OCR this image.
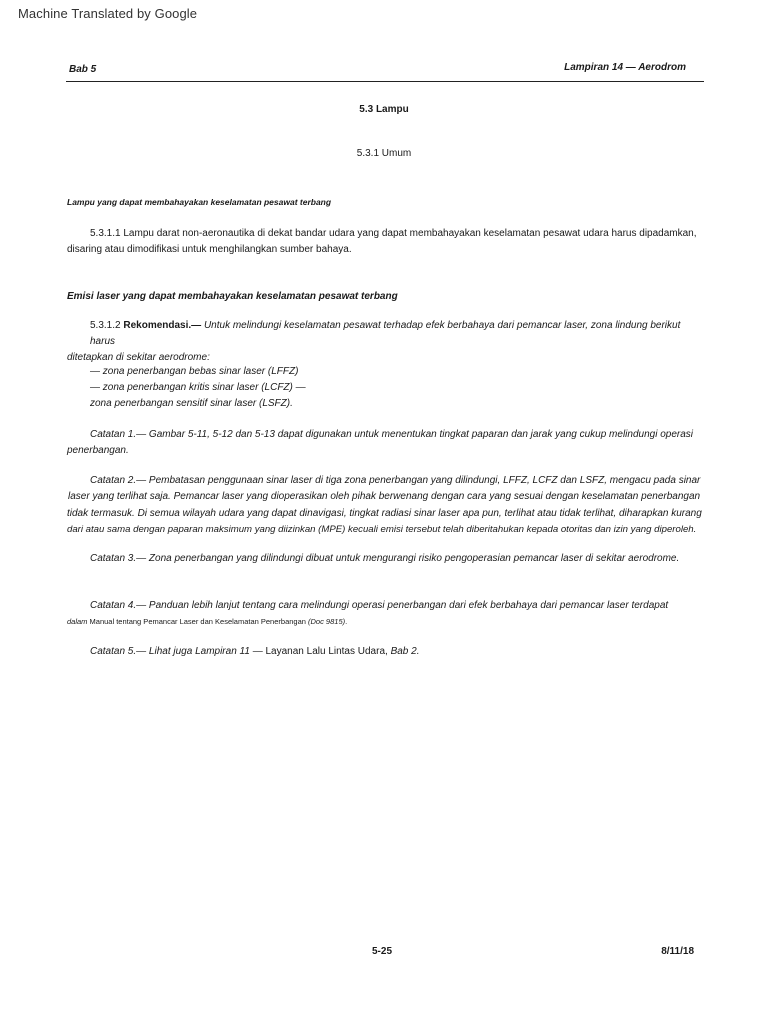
Machine Translated by Google
Bab 5	Lampiran 14 — Aerodrom
5.3 Lampu
5.3.1 Umum
Lampu yang dapat membahayakan keselamatan pesawat terbang
5.3.1.1 Lampu darat non-aeronautika di dekat bandar udara yang dapat membahayakan keselamatan pesawat udara harus dipadamkan,
disaring atau dimodifikasi untuk menghilangkan sumber bahaya.
Emisi laser yang dapat membahayakan keselamatan pesawat terbang
5.3.1.2 Rekomendasi.— Untuk melindungi keselamatan pesawat terhadap efek berbahaya dari pemancar laser, zona lindung berikut harus
ditetapkan di sekitar aerodrome:
— zona penerbangan bebas sinar laser (LFFZ)
— zona penerbangan kritis sinar laser (LCFZ) —
zona penerbangan sensitif sinar laser (LSFZ).
Catatan 1.— Gambar 5-11, 5-12 dan 5-13 dapat digunakan untuk menentukan tingkat paparan dan jarak yang cukup melindungi operasi
penerbangan.
Catatan 2.— Pembatasan penggunaan sinar laser di tiga zona penerbangan yang dilindungi, LFFZ, LCFZ dan LSFZ, mengacu pada sinar
laser yang terlihat saja. Pemancar laser yang dioperasikan oleh pihak berwenang dengan cara yang sesuai dengan keselamatan penerbangan
tidak termasuk. Di semua wilayah udara yang dapat dinavigasi, tingkat radiasi sinar laser apa pun, terlihat atau tidak terlihat, diharapkan kurang
dari atau sama dengan paparan maksimum yang diizinkan (MPE) kecuali emisi tersebut telah diberitahukan kepada otoritas dan izin yang diperoleh.
Catatan 3.— Zona penerbangan yang dilindungi dibuat untuk mengurangi risiko pengoperasian pemancar laser di sekitar aerodrome.
Catatan 4.— Panduan lebih lanjut tentang cara melindungi operasi penerbangan dari efek berbahaya dari pemancar laser terdapat
dalam Manual tentang Pemancar Laser dan Keselamatan Penerbangan (Doc 9815).
Catatan 5.— Lihat juga Lampiran 11 — Layanan Lalu Lintas Udara, Bab 2.
5-25	8/11/18
